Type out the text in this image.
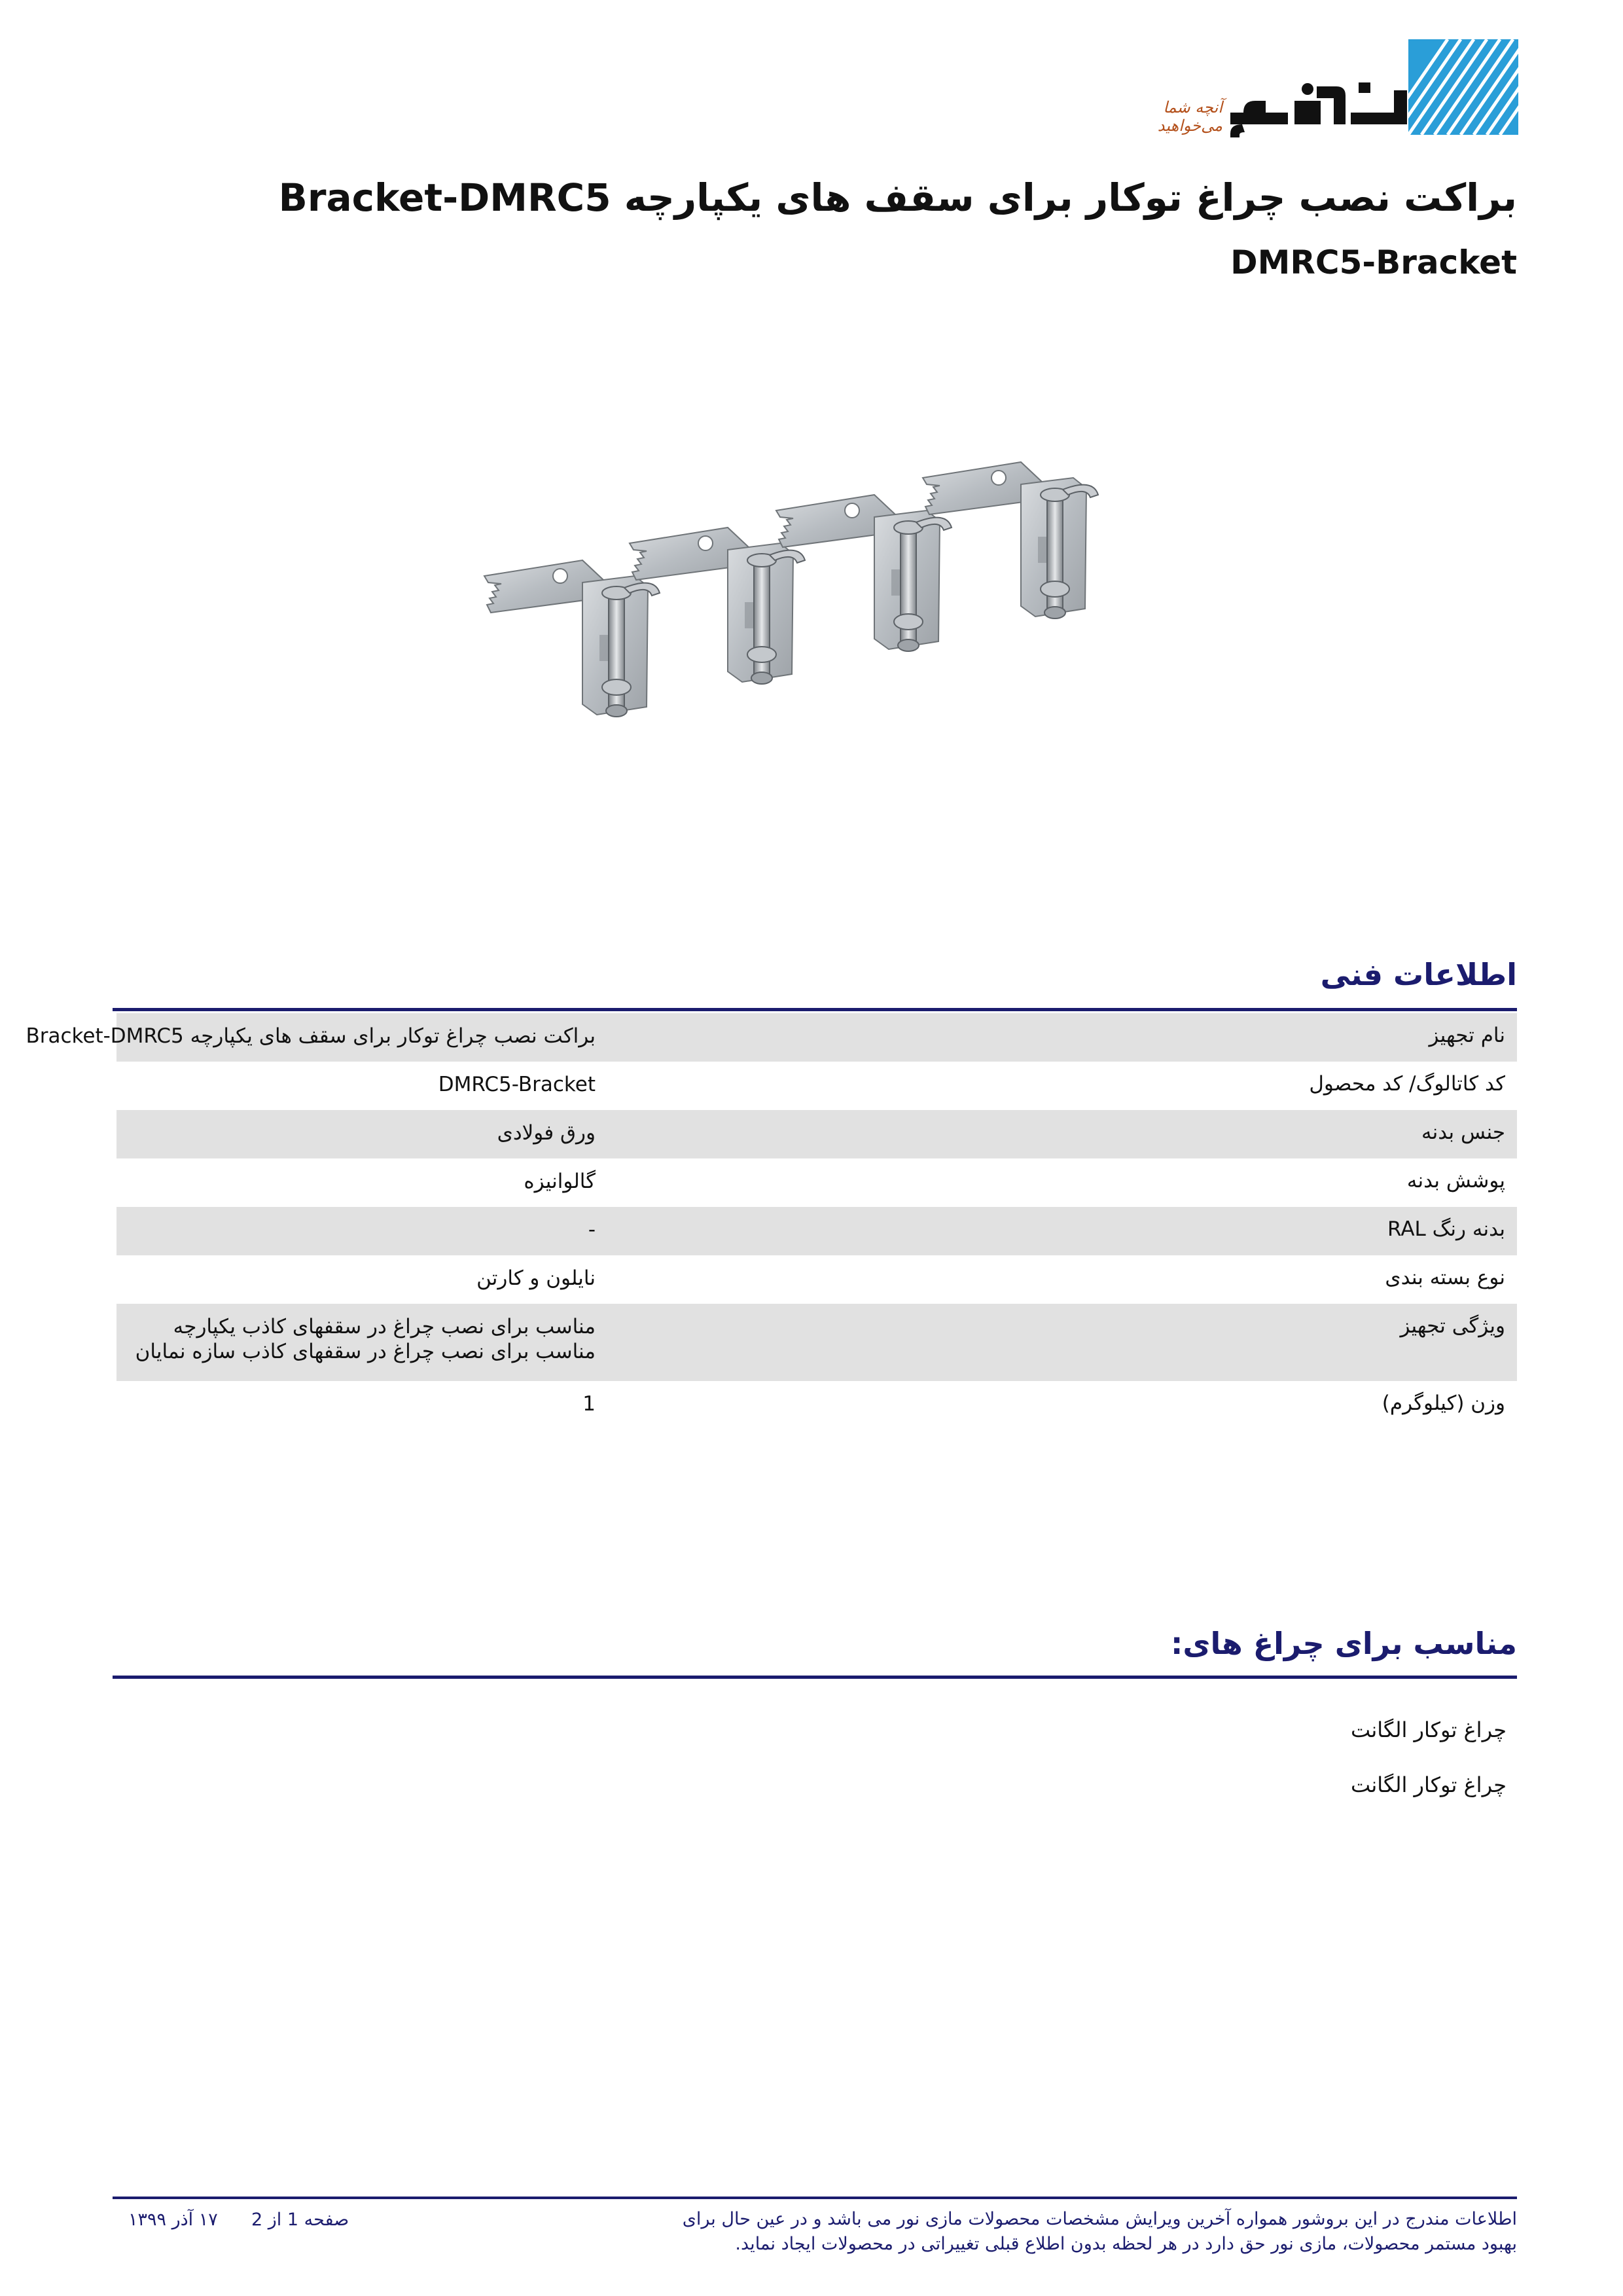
آنچه شما می‌خواهید
براکت نصب چراغ توکار برای سقف های یکپارچه Bracket-DMRC5
DMRC5-Bracket
اطلاعات فنی
نام تجهیز
براکت نصب چراغ توکار برای سقف های یکپارچه Bracket-DMRC5
کد کاتالوگ/ کد محصول
DMRC5-Bracket
جنس بدنه
ورق فولادی
پوشش بدنه
گالوانیزه
بدنه رنگ RAL
-
نوع بسته بندی
نایلون و کارتن
ویژگی تجهیز
مناسب برای نصب چراغ در سقفهای کاذب یکپارچه
مناسب برای نصب چراغ در سقفهای کاذب سازه نمایان
وزن (کیلوگرم)
1
مناسب برای چراغ های:
چراغ توکار الگانت
چراغ توکار الگانت
اطلاعات مندرج در این بروشور همواره آخرین ویرایش مشخصات محصولات مازی نور می باشد و در عین حال برای بهبود مستمر محصولات، مازی نور حق دارد در هر لحظه بدون اطلاع قبلی تغییراتی در محصولات ایجاد نماید.
صفحه 1 از 2
۱۷ آذر ۱۳۹۹
